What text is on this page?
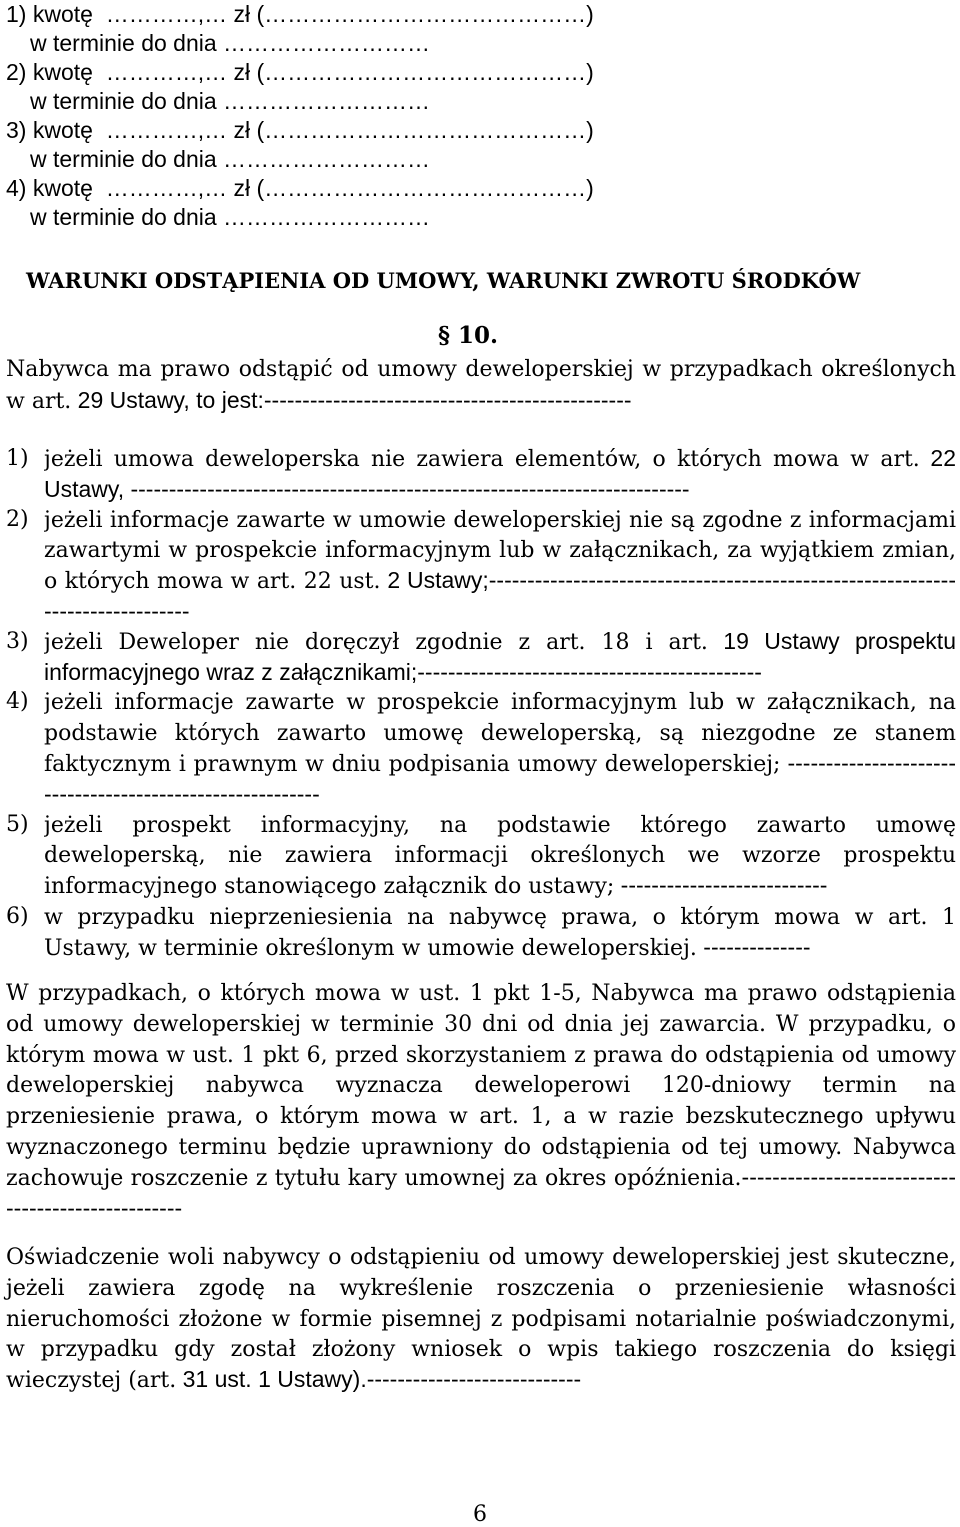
1) kwotę
…………,… zł (……………………………………)
w terminie do dnia ………………………
2) kwotę
…………,… zł (……………………………………)
w terminie do dnia ………………………
3) kwotę
…………,… zł (……………………………………)
w terminie do dnia ………………………
4) kwotę
…………,… zł (……………………………………)
w terminie do dnia ………………………
WARUNKI ODSTĄPIENIA OD UMOWY, WARUNKI ZWROTU ŚRODKÓW
§ 10.
Nabywca ma prawo odstąpić od umowy deweloperskiej w przypadkach określonych w art. 29 Ustawy, to jest:------------------------------------------------
1) jeżeli umowa deweloperska nie zawiera elementów, o których mowa w art. 22 Ustawy, -------------------------------------------------------------------------
2) jeżeli informacje zawarte w umowie deweloperskiej nie są zgodne z informacjami zawartymi w prospekcie informacyjnym lub w załącznikach, za wyjątkiem zmian, o których mowa w art. 22 ust. 2 Ustawy;--------------------------------------------------------------------------------
3) jeżeli Deweloper nie doręczył zgodnie z art. 18 i art. 19 Ustawy prospektu informacyjnego wraz z załącznikami;---------------------------------------------
4) jeżeli informacje zawarte w prospekcie informacyjnym lub w załącznikach, na podstawie których zawarto umowę deweloperską, są niezgodne ze stanem faktycznym i prawnym w dniu podpisania umowy deweloperskiej; ----------------------------------------------------------
5) jeżeli prospekt informacyjny, na podstawie którego zawarto umowę deweloperską, nie zawiera informacji określonych we wzorze prospektu informacyjnego stanowiącego załącznik do ustawy; ---------------------------
6) w przypadku nieprzeniesienia na nabywcę prawa, o którym mowa w art. 1 Ustawy, w terminie określonym w umowie deweloperskiej. --------------
W przypadkach, o których mowa w ust. 1 pkt 1-5, Nabywca ma prawo odstąpienia od umowy deweloperskiej w terminie 30 dni od dnia jej zawarcia. W przypadku, o którym mowa w ust. 1 pkt 6, przed skorzystaniem z prawa do odstąpienia od umowy deweloperskiej nabywca wyznacza deweloperowi 120-dniowy termin na przeniesienie prawa, o którym mowa w art. 1, a w razie bezskutecznego upływu wyznaczonego terminu będzie uprawniony do odstąpienia od tej umowy. Nabywca zachowuje roszczenie z tytułu kary umownej za okres opóźnienia.---------------------------------------------------
Oświadczenie woli nabywcy o odstąpieniu od umowy deweloperskiej jest skuteczne, jeżeli zawiera zgodę na wykreślenie roszczenia o przeniesienie własności nieruchomości złożone w formie pisemnej z podpisami notarialnie poświadczonymi, w przypadku gdy został złożony wniosek o wpis takiego roszczenia do księgi wieczystej (art. 31 ust. 1 Ustawy).----------------------------
6
